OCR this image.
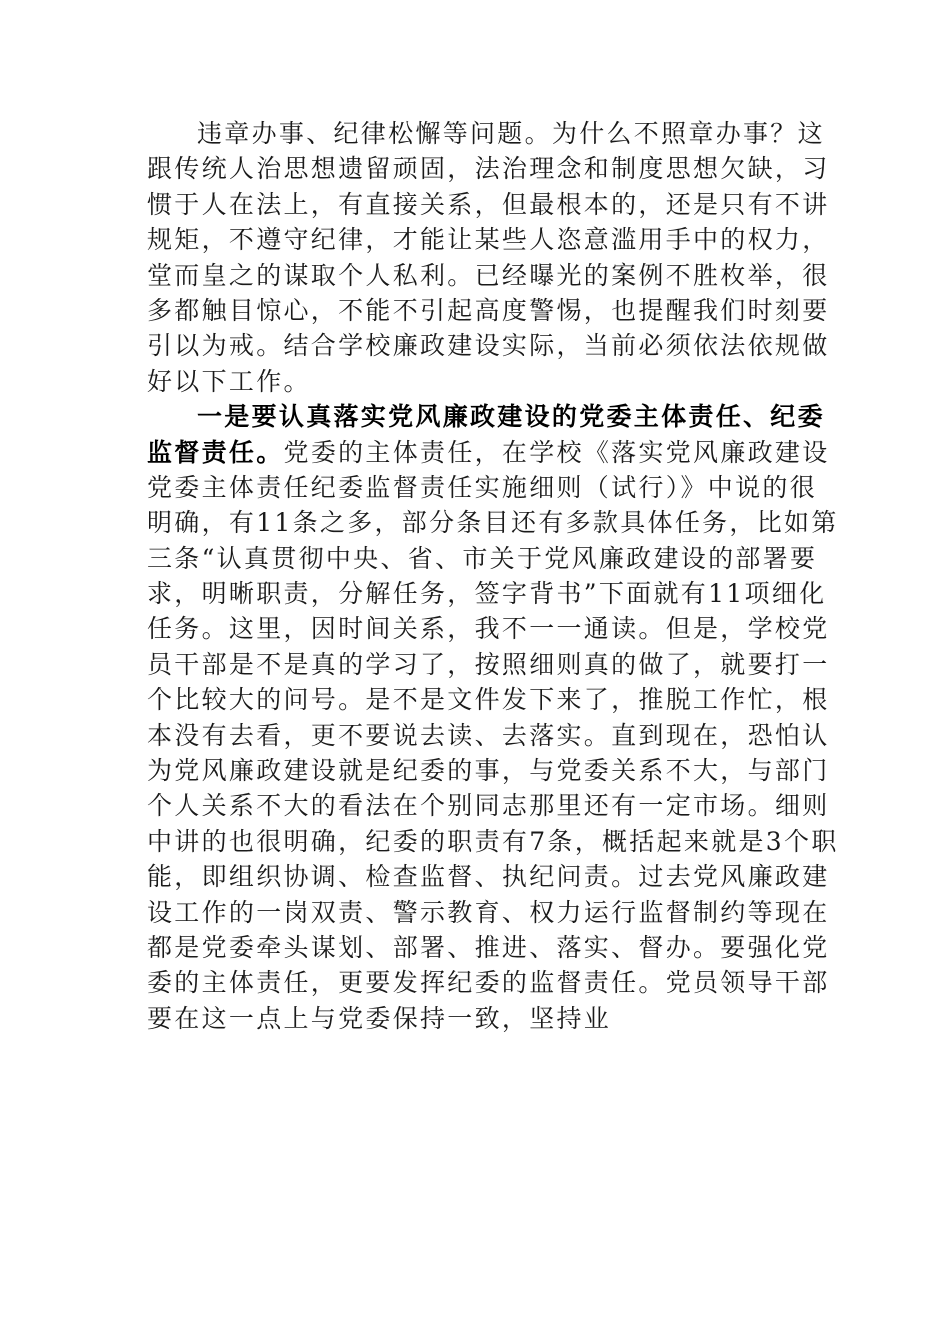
违章办事、纪律松懈等问题。为什么不照章办事？这
跟传统人治思想遗留顽固，法治理念和制度思想欠缺，习
惯于人在法上，有直接关系，但最根本的，还是只有不讲
规矩，不遵守纪律，才能让某些人恣意滥用手中的权力，
堂而皇之的谋取个人私利。已经曝光的案例不胜枚举，很
多都触目惊心，不能不引起高度警惕，也提醒我们时刻要
引以为戒。结合学校廉政建设实际，当前必须依法依规做
好以下工作。
一是要认真落实党风廉政建设的党委主体责任、纪委
监督责任。党委的主体责任，在学校《落实党风廉政建设
党委主体责任纪委监督责任实施细则（试行）》中说的很
明确，有11条之多，部分条目还有多款具体任务，比如第
三条“认真贯彻中央、省、市关于党风廉政建设的部署要
求，明晰职责，分解任务，签字背书”下面就有11项细化
任务。这里，因时间关系，我不一一通读。但是，学校党
员干部是不是真的学习了，按照细则真的做了，就要打一
个比较大的问号。是不是文件发下来了，推脱工作忙，根
本没有去看，更不要说去读、去落实。直到现在，恐怕认
为党风廉政建设就是纪委的事，与党委关系不大，与部门
个人关系不大的看法在个别同志那里还有一定市场。细则
中讲的也很明确，纪委的职责有7条，概括起来就是3个职
能，即组织协调、检查监督、执纪问责。过去党风廉政建
设工作的一岗双责、警示教育、权力运行监督制约等现在
都是党委牵头谋划、部署、推进、落实、督办。要强化党
委的主体责任，更要发挥纪委的监督责任。党员领导干部
要在这一点上与党委保持一致，坚持业
